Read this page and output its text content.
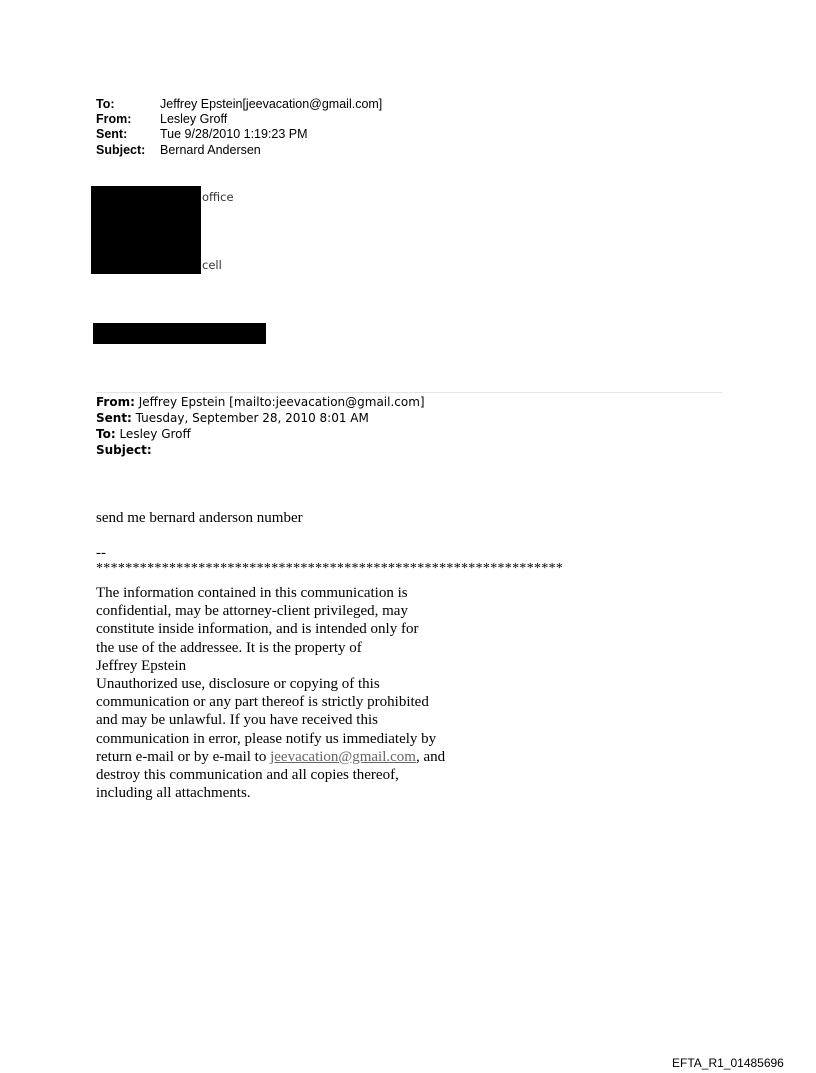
To:	Jeffrey Epstein[jeevacation@gmail.com]
From: Lesley Groff
Sent:	Tue 9/28/2010 1:19:23 PM
Subject: Bernard Andersen
office
cell
From: Jeffrey Epstein [mailto:jeevacation@gmail.com]
Sent: Tuesday, September 28, 2010 8:01 AM
To: Lesley Groff
Subject:
send me bernard anderson number
--
****************************************************************
The information contained in this communication is
confidential, may be attorney-client privileged, may
constitute inside information, and is intended only for
the use of the addressee. It is the property of
Jeffrey Epstein
Unauthorized use, disclosure or copying of this
communication or any part thereof is strictly prohibited
and may be unlawful. If you have received this
communication in error, please notify us immediately by
return e-mail or by e-mail to jeevacation@gmail.com, and
destroy this communication and all copies thereof,
including all attachments.
EFTA_R1_01485696
